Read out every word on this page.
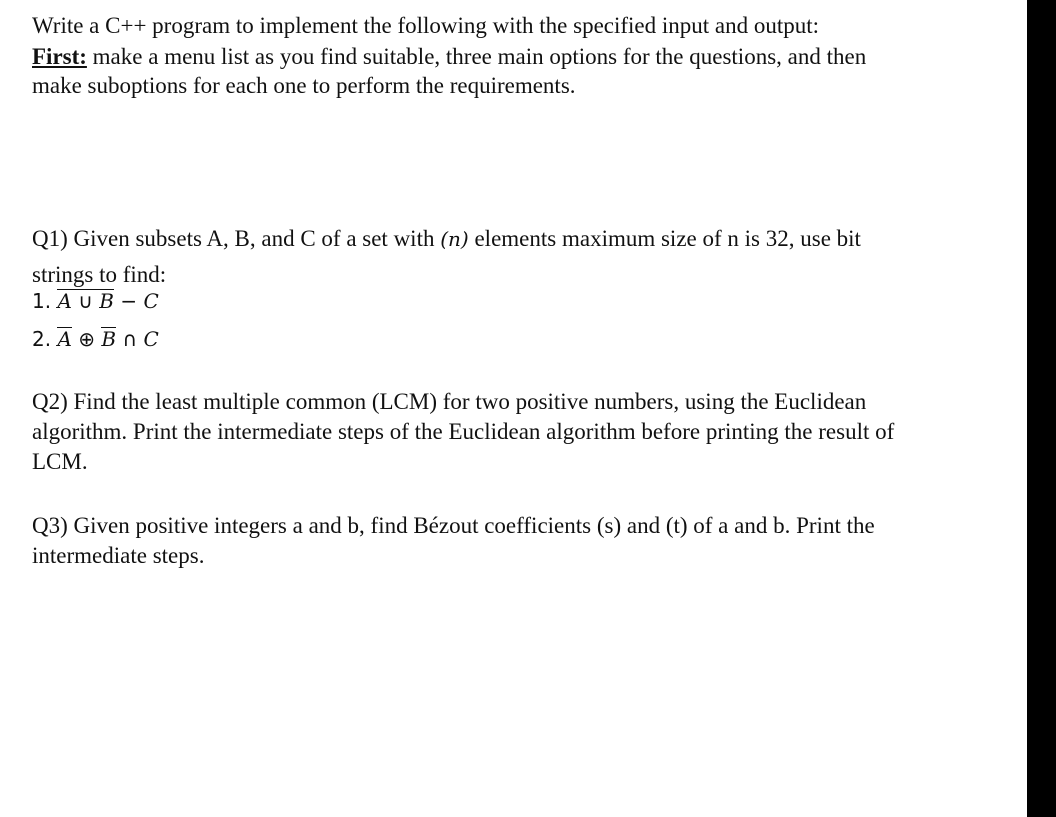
Write a C++ program to implement the following with the specified input and output:
First: make a menu list as you find suitable, three main options for the questions, and then
make suboptions for each one to perform the requirements.
Q1) Given subsets A, B, and C of a set with (n) elements maximum size of n is 32, use bit
strings to find:
1. A ∪ B − C
2. A ⊕ B ∩ C
Q2) Find the least multiple common (LCM) for two positive numbers, using the Euclidean
algorithm. Print the intermediate steps of the Euclidean algorithm before printing the result of
LCM.
Q3) Given positive integers a and b, find Bézout coefficients (s) and (t) of a and b. Print the
intermediate steps.
